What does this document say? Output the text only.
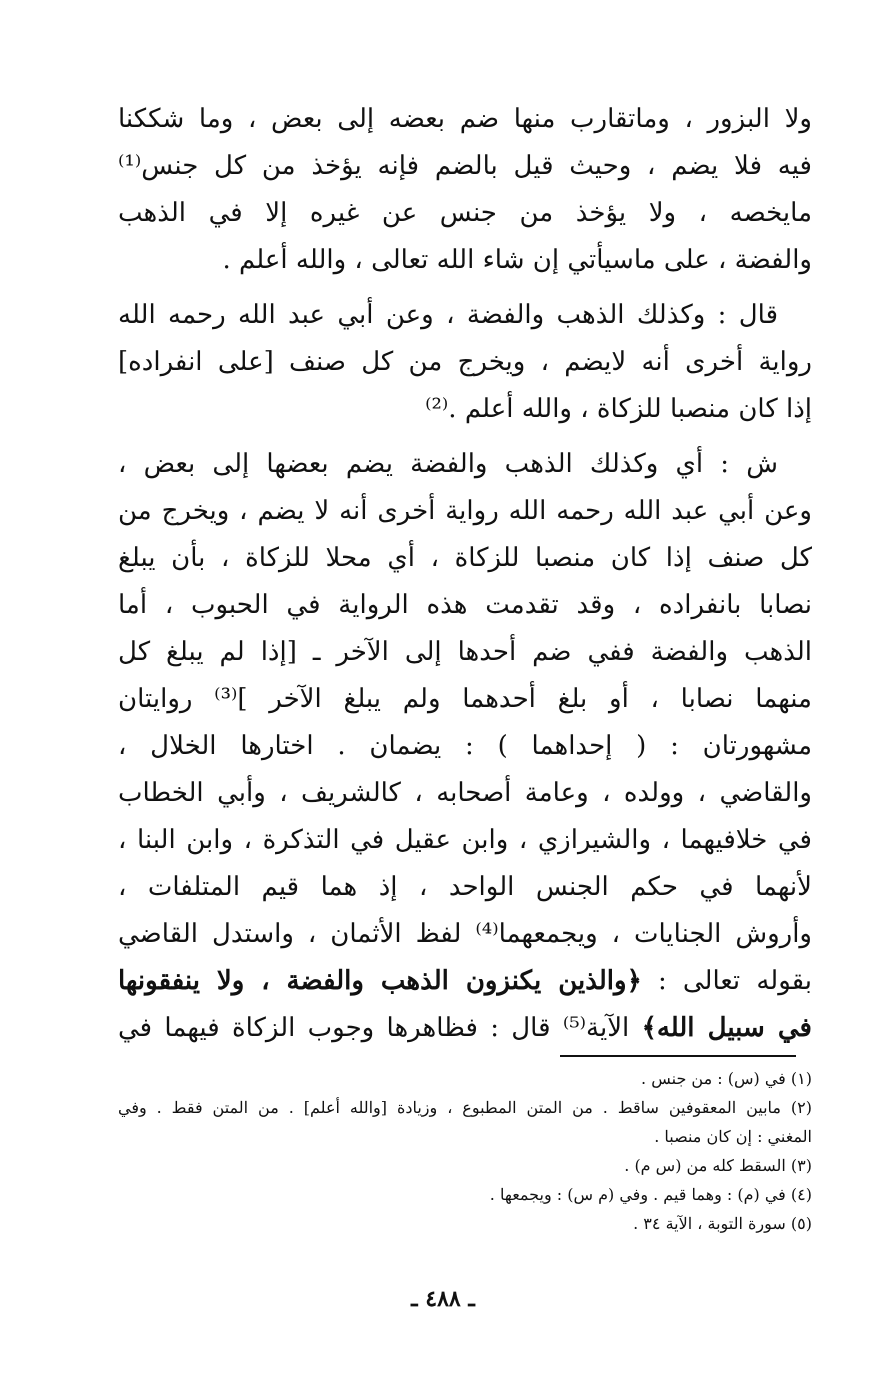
ولا البزور ، وماتقارب منها ضم بعضه إلى بعض ، وما شككنا
فيه فلا يضم ، وحيث قيل بالضم فإنه يؤخذ من كل جنس⁽¹⁾
مايخصه ، ولا يؤخذ من جنس عن غيره إلا في الذهب
والفضة ، على ماسيأتي إن شاء الله تعالى ، والله أعلم .
قال : وكذلك الذهب والفضة ، وعن أبي عبد الله رحمه الله
رواية أخرى أنه لايضم ، ويخرج من كل صنف [على انفراده]
إذا كان منصبا للزكاة ، والله أعلم .⁽²⁾
ش : أي وكذلك الذهب والفضة يضم بعضها إلى بعض ،
وعن أبي عبد الله رحمه الله رواية أخرى أنه لا يضم ، ويخرج من
كل صنف إذا كان منصبا للزكاة ، أي محلا للزكاة ، بأن يبلغ
نصابا بانفراده ، وقد تقدمت هذه الرواية في الحبوب ، أما
الذهب والفضة ففي ضم أحدها إلى الآخر ـ [إذا لم يبلغ كل
منهما نصابا ، أو بلغ أحدهما ولم يبلغ الآخر ]⁽³⁾ روايتان
مشهورتان : ( إحداهما ) : يضمان . اختارها الخلال ،
والقاضي ، وولده ، وعامة أصحابه ، كالشريف ، وأبي الخطاب
في خلافيهما ، والشيرازي ، وابن عقيل في التذكرة ، وابن البنا ،
لأنهما في حكم الجنس الواحد ، إذ هما قيم المتلفات ،
وأروش الجنايات ، ويجمعهما⁽⁴⁾ لفظ الأثمان ، واستدل القاضي
بقوله تعالى : ﴿والذين يكنزون الذهب والفضة ، ولا ينفقونها
في سبيل الله﴾ الآية⁽⁵⁾ قال : فظاهرها وجوب الزكاة فيهما في
(١) في (س) : من جنس .
(٢) مابين المعقوفين ساقط . من المتن المطبوع ، وزيادة [والله أعلم] . من المتن فقط . وفي
المغني : إن كان منصبا .
(٣) السقط كله من (س م) .
(٤) في (م) : وهما قيم . وفي (م س) : ويجمعها .
(٥) سورة التوبة ، الآية ٣٤ .
ـ ٤٨٨ ـ
